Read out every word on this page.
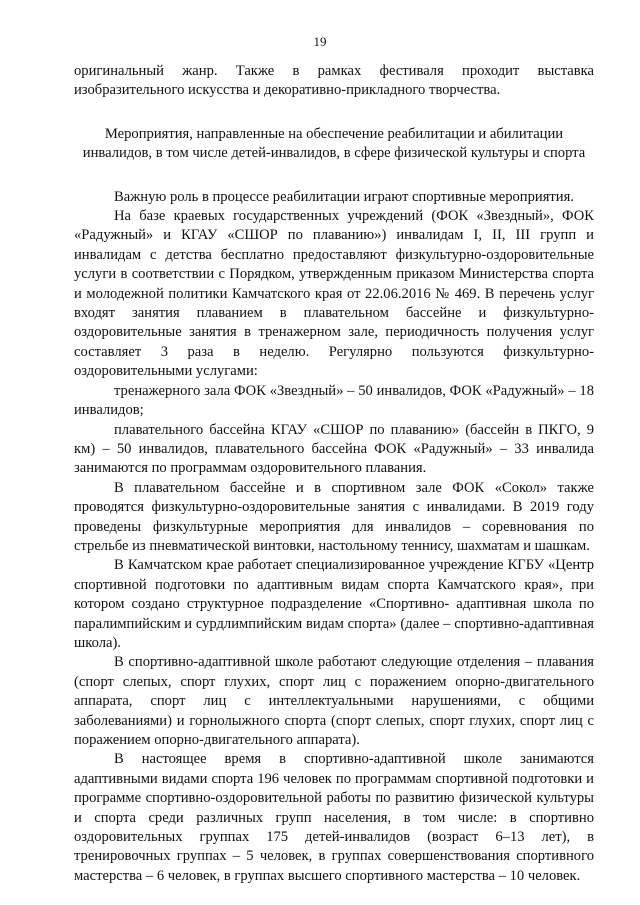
19

оригинальный жанр. Также в рамках фестиваля проходит выставка изобразительного искусства и декоративно-прикладного творчества.

Мероприятия, направленные на обеспечение реабилитации и абилитации инвалидов, в том числе детей-инвалидов, в сфере физической культуры и спорта

Важную роль в процессе реабилитации играют спортивные мероприятия.

На базе краевых государственных учреждений (ФОК «Звездный», ФОК «Радужный» и КГАУ «СШОР по плаванию») инвалидам I, II, III групп и инвалидам с детства бесплатно предоставляют физкультурно-оздоровительные услуги в соответствии с Порядком, утвержденным приказом Министерства спорта и молодежной политики Камчатского края от 22.06.2016 № 469. В перечень услуг входят занятия плаванием в плавательном бассейне и физкультурно-оздоровительные занятия в тренажерном зале, периодичность получения услуг составляет 3 раза в неделю. Регулярно пользуются физкультурно-оздоровительными услугами:

тренажерного зала ФОК «Звездный» – 50 инвалидов, ФОК «Радужный» – 18 инвалидов;

плавательного бассейна КГАУ «СШОР по плаванию» (бассейн в ПКГО, 9 км) – 50 инвалидов, плавательного бассейна ФОК «Радужный» – 33 инвалида занимаются по программам оздоровительного плавания.

В плавательном бассейне и в спортивном зале ФОК «Сокол» также проводятся физкультурно-оздоровительные занятия с инвалидами. В 2019 году проведены физкультурные мероприятия для инвалидов – соревнования по стрельбе из пневматической винтовки, настольному теннису, шахматам и шашкам.

В Камчатском крае работает специализированное учреждение КГБУ «Центр спортивной подготовки по адаптивным видам спорта Камчатского края», при котором создано структурное подразделение «Спортивно- адаптивная школа по паралимпийским и сурдлимпийским видам спорта» (далее – спортивно-адаптивная школа).

В спортивно-адаптивной школе работают следующие отделения – плавания (спорт слепых, спорт глухих, спорт лиц с поражением опорно-двигательного аппарата, спорт лиц с интеллектуальными нарушениями, с общими заболеваниями) и горнолыжного спорта (спорт слепых, спорт глухих, спорт лиц с поражением опорно-двигательного аппарата).

В настоящее время в спортивно-адаптивной школе занимаются адаптивными видами спорта 196 человек по программам спортивной подготовки и программе спортивно-оздоровительной работы по развитию физической культуры и спорта среди различных групп населения, в том числе: в спортивно оздоровительных группах 175 детей-инвалидов (возраст 6–13 лет), в тренировочных группах – 5 человек, в группах совершенствования спортивного мастерства – 6 человек, в группах высшего спортивного мастерства – 10 человек.
